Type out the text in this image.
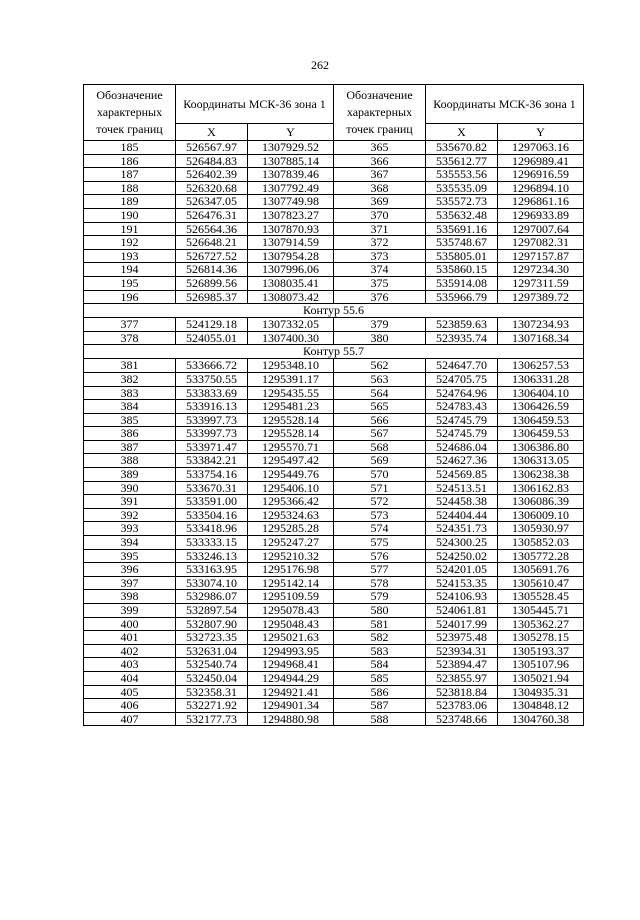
262
Обозначение характерных точек границ	Координаты МСК-36 зона 1		Обозначение характерных точек границ	Координаты МСК-36 зона 1	
	X	Y		X	Y
185	526567.97	1307929.52	365	535670.82	1297063.16
186	526484.83	1307885.14	366	535612.77	1296989.41
187	526402.39	1307839.46	367	535553.56	1296916.59
188	526320.68	1307792.49	368	535535.09	1296894.10
189	526347.05	1307749.98	369	535572.73	1296861.16
190	526476.31	1307823.27	370	535632.48	1296933.89
191	526564.36	1307870.93	371	535691.16	1297007.64
192	526648.21	1307914.59	372	535748.67	1297082.31
193	526727.52	1307954.28	373	535805.01	1297157.87
194	526814.36	1307996.06	374	535860.15	1297234.30
195	526899.56	1308035.41	375	535914.08	1297311.59
196	526985.37	1308073.42	376	535966.79	1297389.72
Контур 55.6					
377	524129.18	1307332.05	379	523859.63	1307234.93
378	524055.01	1307400.30	380	523935.74	1307168.34
Контур 55.7					
381	533666.72	1295348.10	562	524647.70	1306257.53
382	533750.55	1295391.17	563	524705.75	1306331.28
383	533833.69	1295435.55	564	524764.96	1306404.10
384	533916.13	1295481.23	565	524783.43	1306426.59
385	533997.73	1295528.14	566	524745.79	1306459.53
386	533997.73	1295528.14	567	524745.79	1306459.53
387	533971.47	1295570.71	568	524686.04	1306386.80
388	533842.21	1295497.42	569	524627.36	1306313.05
389	533754.16	1295449.76	570	524569.85	1306238.38
390	533670.31	1295406.10	571	524513.51	1306162.83
391	533591.00	1295366.42	572	524458.38	1306086.39
392	533504.16	1295324.63	573	524404.44	1306009.10
393	533418.96	1295285.28	574	524351.73	1305930.97
394	533333.15	1295247.27	575	524300.25	1305852.03
395	533246.13	1295210.32	576	524250.02	1305772.28
396	533163.95	1295176.98	577	524201.05	1305691.76
397	533074.10	1295142.14	578	524153.35	1305610.47
398	532986.07	1295109.59	579	524106.93	1305528.45
399	532897.54	1295078.43	580	524061.81	1305445.71
400	532807.90	1295048.43	581	524017.99	1305362.27
401	532723.35	1295021.63	582	523975.48	1305278.15
402	532631.04	1294993.95	583	523934.31	1305193.37
403	532540.74	1294968.41	584	523894.47	1305107.96
404	532450.04	1294944.29	585	523855.97	1305021.94
405	532358.31	1294921.41	586	523818.84	1304935.31
406	532271.92	1294901.34	587	523783.06	1304848.12
407	532177.73	1294880.98	588	523748.66	1304760.38
